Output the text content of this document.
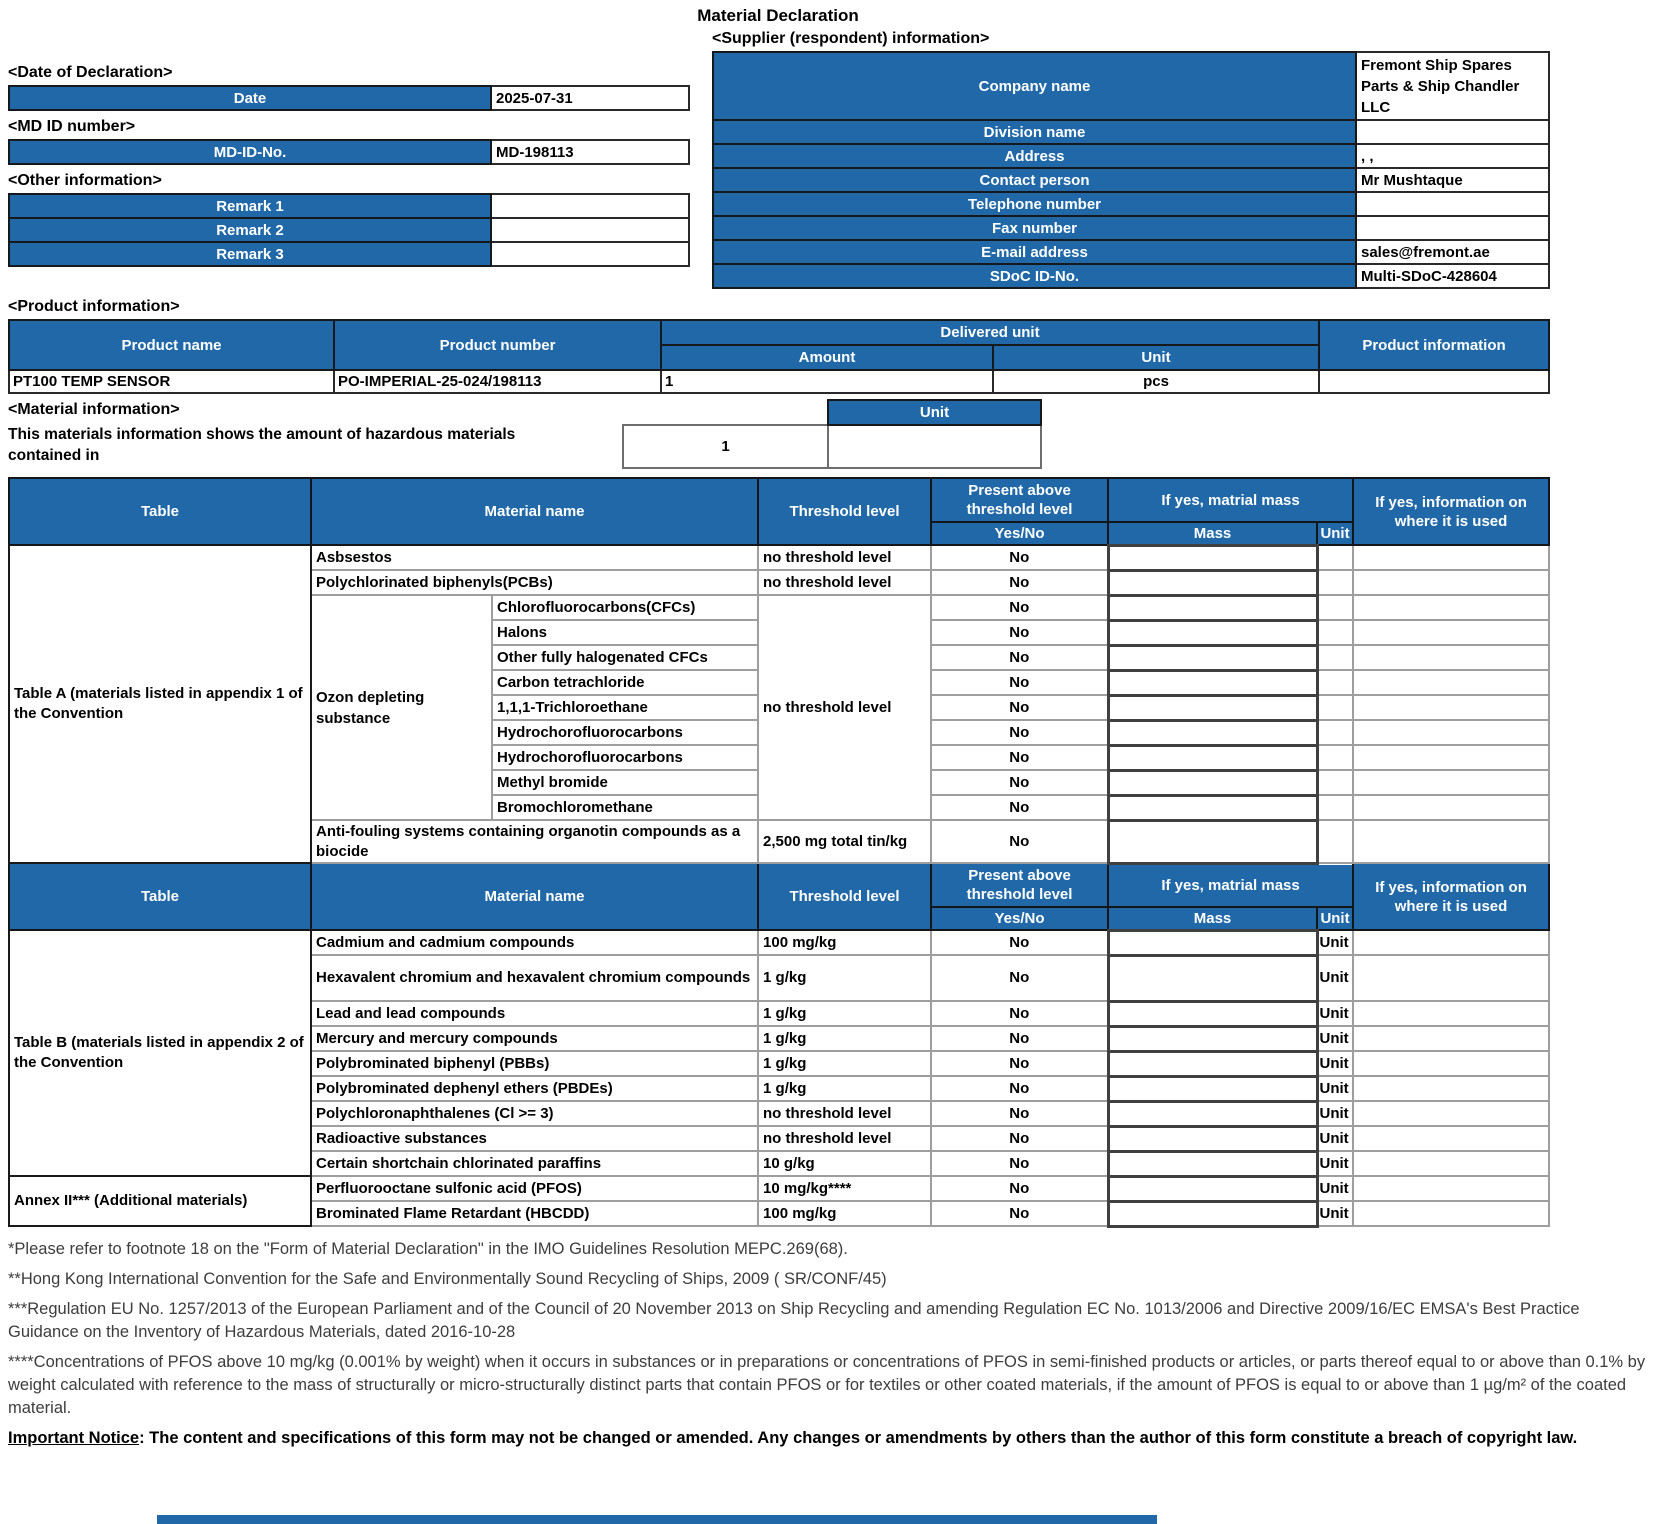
Material Declaration
<Date of Declaration>
Date	2025-07-31
<MD ID number>
MD-ID-No.	MD-198113
<Other information>
Remark 1	
Remark 2	
Remark 3	
<Supplier (respondent) information>
Company name	Fremont Ship Spares Parts & Ship Chandler LLC
Division name	
Address	, ,
Contact person	Mr Mushtaque
Telephone number	
Fax number	
E-mail address	sales@fremont.ae
SDoC ID-No.	Multi-SDoC-428604
<Product information>
Product name	Product number	Delivered unit		Product information
		Amount	Unit	
PT100 TEMP SENSOR	PO-IMPERIAL-25-024/198113	1	pcs	
<Material information>
This materials information shows the amount of hazardous materials contained in
	Unit
1	
Table	Material name		Threshold level	Present above threshold level	If yes, matrial mass		If yes, information on where it is used
				Yes/No	Mass	Unit	
Table A (materials listed in appendix 1 of the Convention	Asbsestos		no threshold level	No			
	Polychlorinated biphenyls(PCBs)		no threshold level	No			
	Ozon depleting substance	Chlorofluorocarbons(CFCs)	no threshold level	No			
		Halons		No			
		Other fully halogenated CFCs		No			
		Carbon tetrachloride		No			
		1,1,1-Trichloroethane		No			
		Hydrochorofluorocarbons		No			
		Hydrochorofluorocarbons		No			
		Methyl bromide		No			
		Bromochloromethane		No			
	Anti-fouling systems containing organotin compounds as a biocide		2,500 mg total tin/kg	No			
Table	Material name		Threshold level	Present above threshold level	If yes, matrial mass		If yes, information on where it is used
				Yes/No	Mass	Unit	
Table B (materials listed in appendix 2 of the Convention	Cadmium and cadmium compounds		100 mg/kg	No		Unit	
	Hexavalent chromium and hexavalent chromium compounds		1 g/kg	No		Unit	
	Lead and lead compounds		1 g/kg	No		Unit	
	Mercury and mercury compounds		1 g/kg	No		Unit	
	Polybrominated biphenyl (PBBs)		1 g/kg	No		Unit	
	Polybrominated dephenyl ethers (PBDEs)		1 g/kg	No		Unit	
	Polychloronaphthalenes (Cl >= 3)		no threshold level	No		Unit	
	Radioactive substances		no threshold level	No		Unit	
	Certain shortchain chlorinated paraffins		10 g/kg	No		Unit	
Annex II*** (Additional materials)	Perfluorooctane sulfonic acid (PFOS)		10 mg/kg****	No		Unit	
	Brominated Flame Retardant (HBCDD)		100 mg/kg	No		Unit	

*Please refer to footnote 18 on the "Form of Material Declaration" in the IMO Guidelines Resolution MEPC.269(68).

**Hong Kong International Convention for the Safe and Environmentally Sound Recycling of Ships, 2009 ( SR/CONF/45)

***Regulation EU No. 1257/2013 of the European Parliament and of the Council of 20 November 2013 on Ship Recycling and amending Regulation EC No. 1013/2006 and Directive 2009/16/EC EMSA's Best Practice Guidance on the Inventory of Hazardous Materials, dated 2016-10-28

****Concentrations of PFOS above 10 mg/kg (0.001% by weight) when it occurs in substances or in preparations or concentrations of PFOS in semi-finished products or articles, or parts thereof equal to or above than 0.1% by weight calculated with reference to the mass of structurally or micro-structurally distinct parts that contain PFOS or for textiles or other coated materials, if the amount of PFOS is equal to or above than 1 µg/m² of the coated material.

Important Notice: The content and specifications of this form may not be changed or amended. Any changes or amendments by others than the author of this form constitute a breach of copyright law.
